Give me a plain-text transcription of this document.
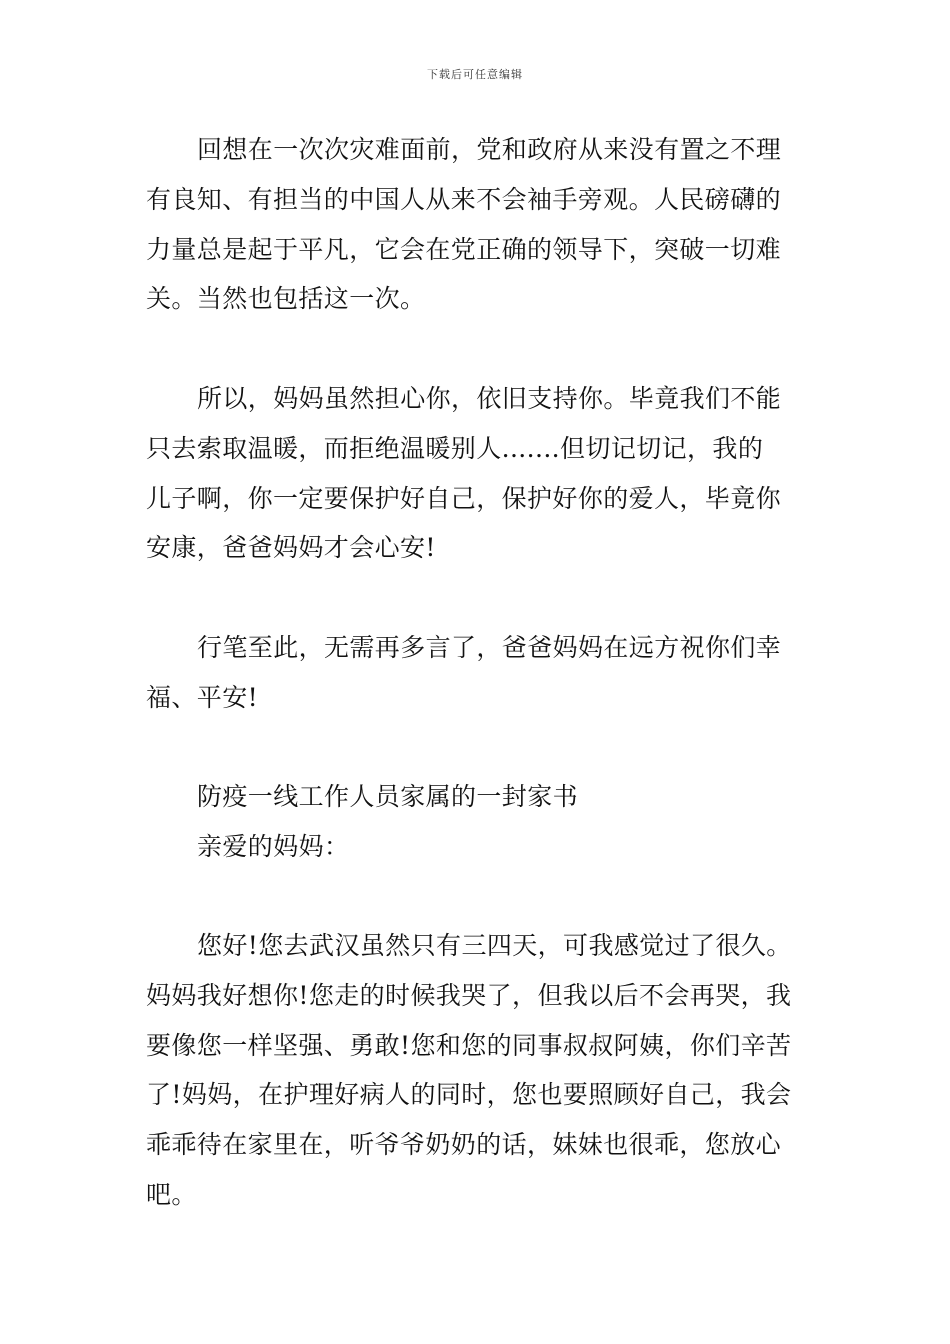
下载后可任意编辑
回想在一次次灾难面前，党和政府从来没有置之不理
有良知、有担当的中国人从来不会袖手旁观。人民磅礴的
力量总是起于平凡，它会在党正确的领导下，突破一切难
关。当然也包括这一次。
所以，妈妈虽然担心你，依旧支持你。毕竟我们不能
只去索取温暖，而拒绝温暖别人.......但切记切记，我的
儿子啊，你一定要保护好自己，保护好你的爱人，毕竟你
安康，爸爸妈妈才会心安!
行笔至此，无需再多言了，爸爸妈妈在远方祝你们幸
福、平安!
防疫一线工作人员家属的一封家书
亲爱的妈妈：
您好!您去武汉虽然只有三四天，可我感觉过了很久。
妈妈我好想你!您走的时候我哭了，但我以后不会再哭，我
要像您一样坚强、勇敢!您和您的同事叔叔阿姨，你们辛苦
了!妈妈，在护理好病人的同时，您也要照顾好自己，我会
乖乖待在家里在，听爷爷奶奶的话，妹妹也很乖，您放心
吧。
